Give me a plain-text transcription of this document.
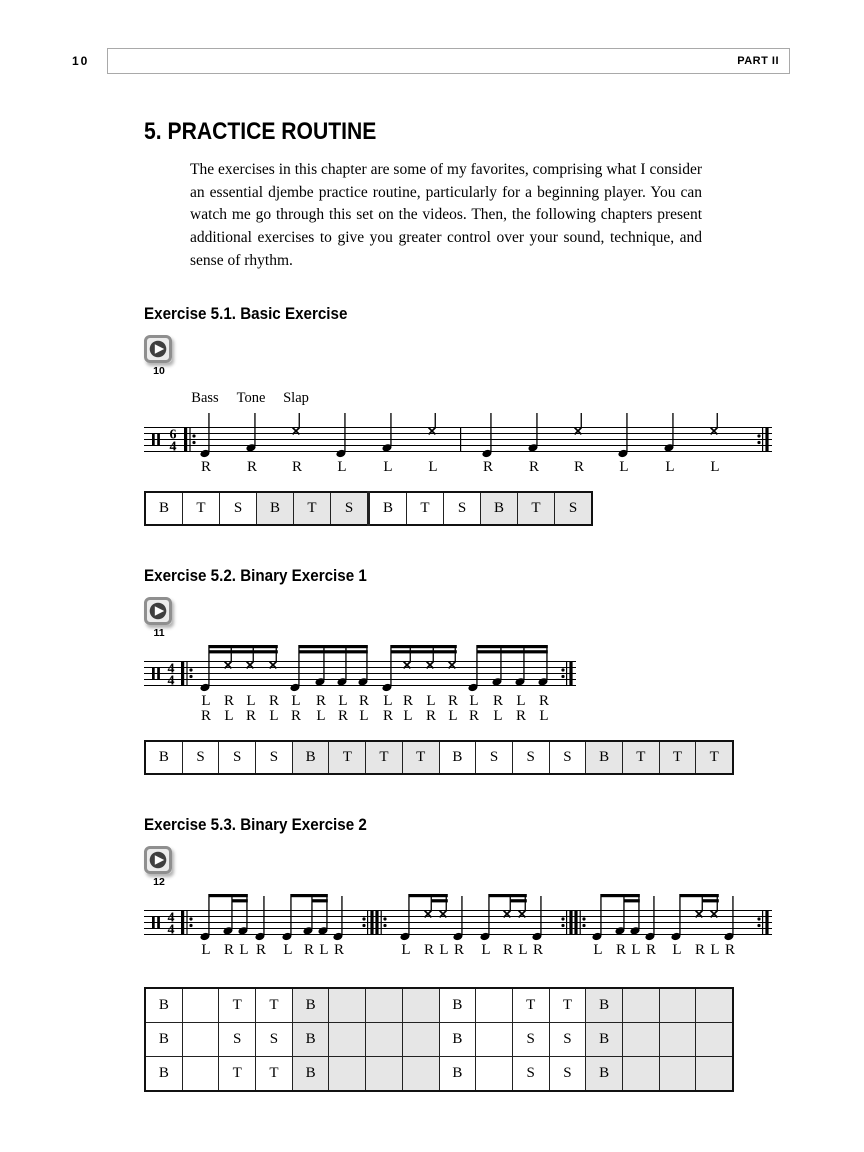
10	PART II
5. PRACTICE ROUTINE

The exercises in this chapter are some of my favorites, comprising what I consider an essential djembe practice routine, particularly for a beginning player. You can watch me go through this set on the videos. Then, the following chapters present additional exercises to give you greater control over your sound, technique, and sense of rhythm.

Exercise 5.1. Basic Exercise
10
Bass Tone Slap
6
4
R R R L L L	R R R L L L
B	T	S	B	T	S	B	T	S	B	T	S
Exercise 5.2. Binary Exercise 1
11
4
4
L R L R L R L R L R L R L R L R
R L R L R L R L R L R L R L R L
B	S	S	S	B	T	T	T	B	S	S	S	B	T	T	T
Exercise 5.3. Binary Exercise 2
12
4
4
L R L R L R L R	L R L R L R L R	L R L R L R L R
B		T	T	B				B		T	T	B			
B		S	S	B				B		S	S	B			
B		T	T	B				B		S	S	B			
